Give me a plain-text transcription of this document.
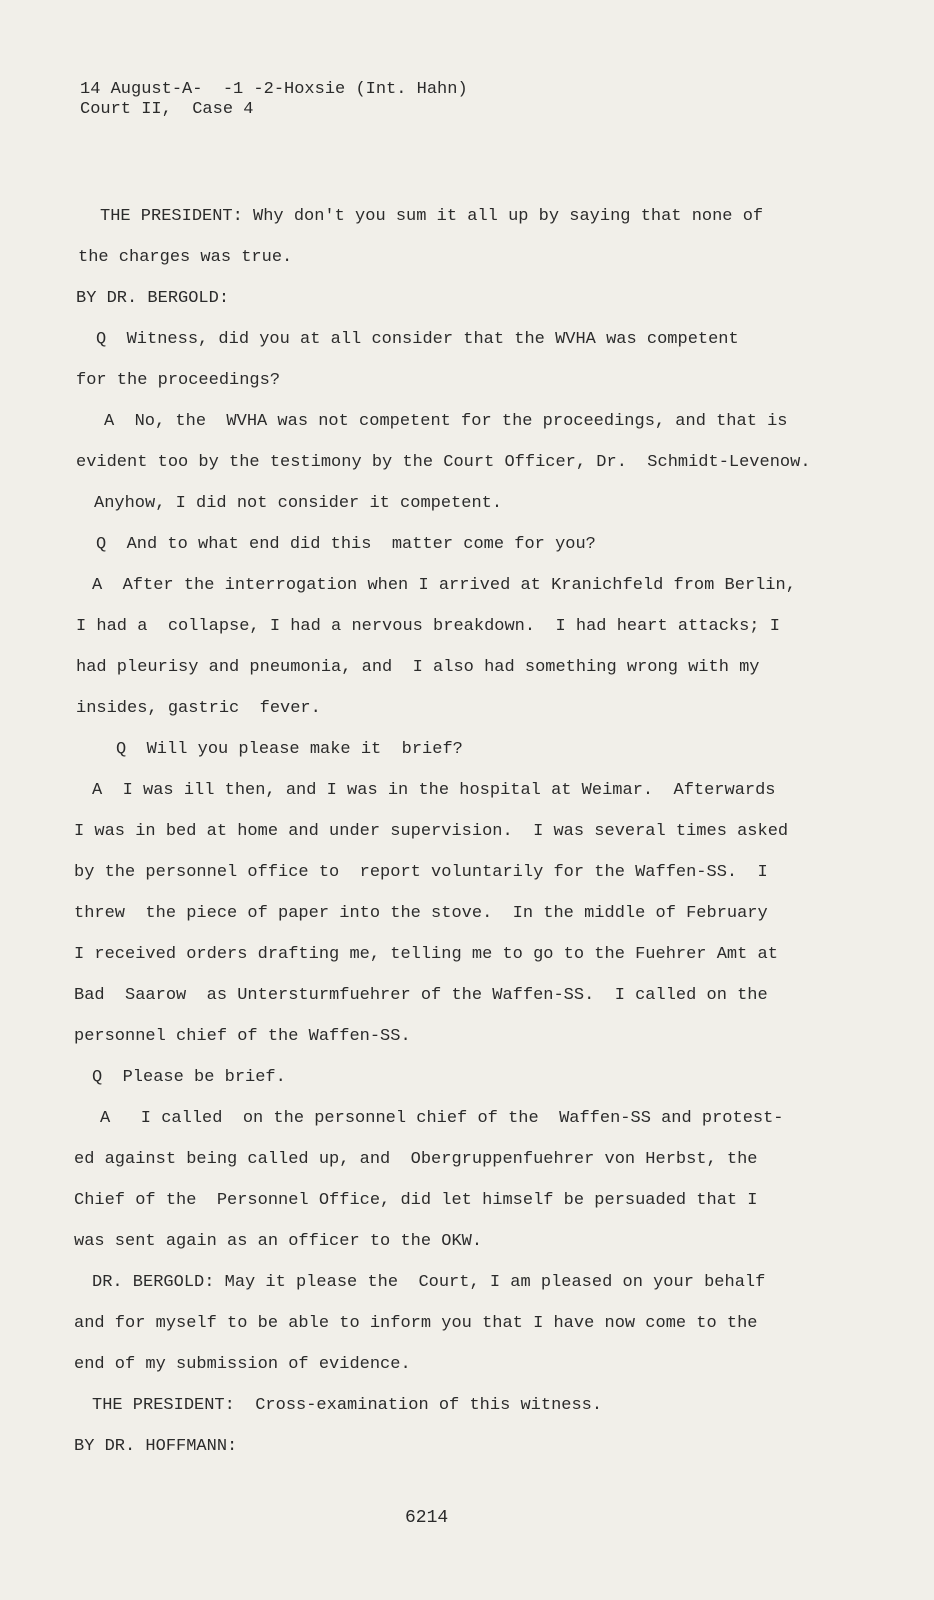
14 August-A-  -1 -2-Hoxsie (Int. Hahn)
Court II,  Case 4
THE PRESIDENT: Why don't you sum it all up by saying that none of
the charges was true.
BY DR. BERGOLD:
Q  Witness, did you at all consider that the WVHA was competent
for the proceedings?
A  No, the  WVHA was not competent for the proceedings, and that is
evident too by the testimony by the Court Officer, Dr.  Schmidt-Levenow.
Anyhow, I did not consider it competent.
Q  And to what end did this  matter come for you?
A  After the interrogation when I arrived at Kranichfeld from Berlin,
I had a  collapse, I had a nervous breakdown.  I had heart attacks; I
had pleurisy and pneumonia, and  I also had something wrong with my
insides, gastric  fever.
Q  Will you please make it  brief?
A  I was ill then, and I was in the hospital at Weimar.  Afterwards
I was in bed at home and under supervision.  I was several times asked
by the personnel office to  report voluntarily for the Waffen-SS.  I
threw  the piece of paper into the stove.  In the middle of February
I received orders drafting me, telling me to go to the Fuehrer Amt at
Bad  Saarow  as Untersturmfuehrer of the Waffen-SS.  I called on the
personnel chief of the Waffen-SS.
Q  Please be brief.
A   I called  on the personnel chief of the  Waffen-SS and protest-
ed against being called up, and  Obergruppenfuehrer von Herbst, the
Chief of the  Personnel Office, did let himself be persuaded that I
was sent again as an officer to the OKW.
DR. BERGOLD: May it please the  Court, I am pleased on your behalf
and for myself to be able to inform you that I have now come to the
end of my submission of evidence.
THE PRESIDENT:  Cross-examination of this witness.
BY DR. HOFFMANN:
6214
